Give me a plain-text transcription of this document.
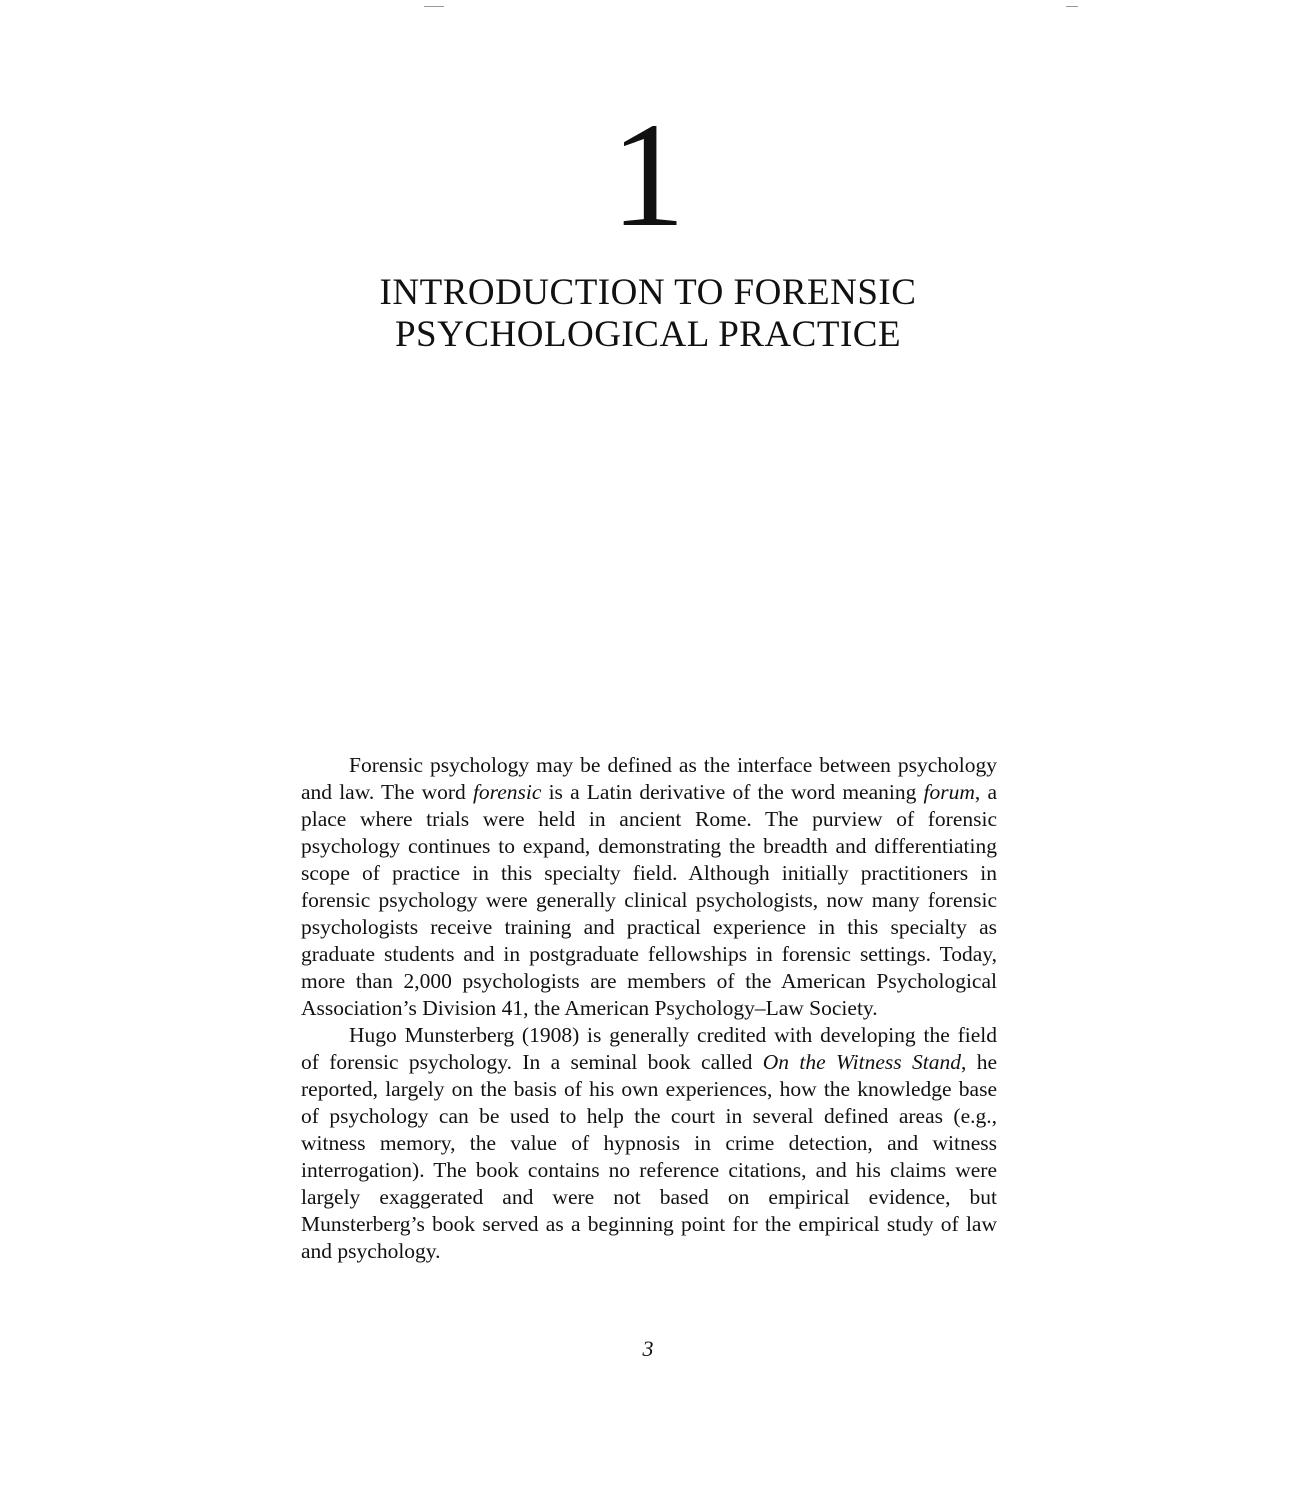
1
INTRODUCTION TO FORENSIC
PSYCHOLOGICAL PRACTICE

Forensic psychology may be defined as the interface between psychology and law. The word forensic is a Latin derivative of the word meaning forum, a place where trials were held in ancient Rome. The purview of forensic psychology continues to expand, demonstrating the breadth and differentiating scope of practice in this specialty field. Although initially practitioners in forensic psychology were generally clinical psychologists, now many forensic psychologists receive training and practical experience in this specialty as graduate students and in postgraduate fellowships in forensic settings. Today, more than 2,000 psychologists are members of the American Psychological Association’s Division 41, the American Psychology–Law Society.

Hugo Munsterberg (1908) is generally credited with developing the field of forensic psychology. In a seminal book called On the Witness Stand, he reported, largely on the basis of his own experiences, how the knowledge base of psychology can be used to help the court in several defined areas (e.g., witness memory, the value of hypnosis in crime detection, and witness interrogation). The book contains no reference citations, and his claims were largely exaggerated and were not based on empirical evidence, but Munsterberg’s book served as a beginning point for the empirical study of law and psychology.

3
